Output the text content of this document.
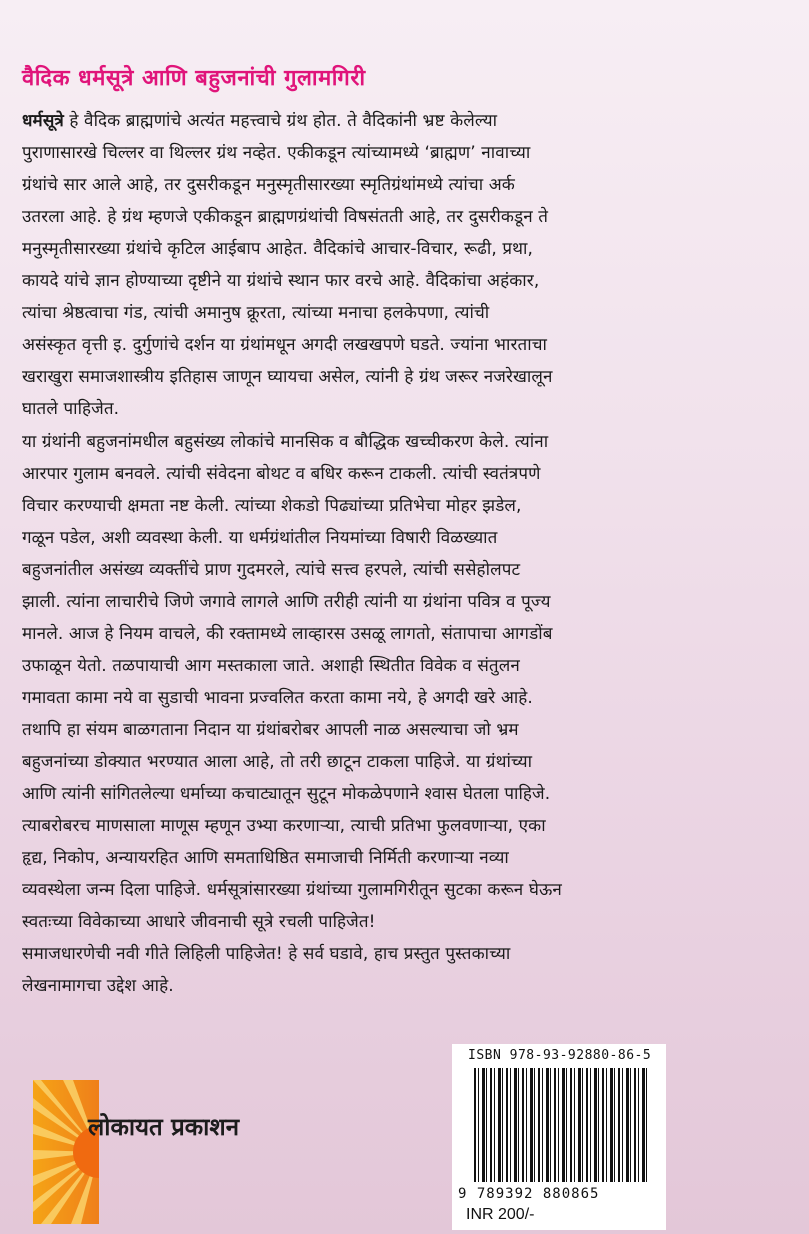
वैदिक धर्मसूत्रे आणि बहुजनांची गुलामगिरी
धर्मसूत्रे हे वैदिक ब्राह्मणांचे अत्यंत महत्त्वाचे ग्रंथ होत. ते वैदिकांनी भ्रष्ट केलेल्या
पुराणासारखे चिल्लर वा थिल्लर ग्रंथ नव्हेत. एकीकडून त्यांच्यामध्ये ‘ब्राह्मण’ नावाच्या
ग्रंथांचे सार आले आहे, तर दुसरीकडून मनुस्मृतीसारख्या स्मृतिग्रंथांमध्ये त्यांचा अर्क
उतरला आहे. हे ग्रंथ म्हणजे एकीकडून ब्राह्मणग्रंथांची विषसंतती आहे, तर दुसरीकडून ते
मनुस्मृतीसारख्या ग्रंथांचे कृटिल आईबाप आहेत. वैदिकांचे आचार-विचार, रूढी, प्रथा,
कायदे यांचे ज्ञान होण्याच्या दृष्टीने या ग्रंथांचे स्थान फार वरचे आहे. वैदिकांचा अहंकार,
त्यांचा श्रेष्ठत्वाचा गंड, त्यांची अमानुष क्रूरता, त्यांच्या मनाचा हलकेपणा, त्यांची
असंस्कृत वृत्ती इ. दुर्गुणांचे दर्शन या ग्रंथांमधून अगदी लखखपणे घडते. ज्यांना भारताचा
खराखुरा समाजशास्त्रीय इतिहास जाणून घ्यायचा असेल, त्यांनी हे ग्रंथ जरूर नजरेखालून
घातले पाहिजेत.
या ग्रंथांनी बहुजनांमधील बहुसंख्य लोकांचे मानसिक व बौद्धिक खच्चीकरण केले. त्यांना
आरपार गुलाम बनवले. त्यांची संवेदना बोथट व बधिर करून टाकली. त्यांची स्वतंत्रपणे
विचार करण्याची क्षमता नष्ट केली. त्यांच्या शेकडो पिढ्यांच्या प्रतिभेचा मोहर झडेल,
गळून पडेल, अशी व्यवस्था केली. या धर्मग्रंथांतील नियमांच्या विषारी विळख्यात
बहुजनांतील असंख्य व्यक्तींचे प्राण गुदमरले, त्यांचे सत्त्व हरपले, त्यांची ससेहोलपट
झाली. त्यांना लाचारीचे जिणे जगावे लागले आणि तरीही त्यांनी या ग्रंथांना पवित्र व पूज्य
मानले. आज हे नियम वाचले, की रक्तामध्ये लाव्हारस उसळू लागतो, संतापाचा आगडोंब
उफाळून येतो. तळपायाची आग मस्तकाला जाते. अशाही स्थितीत विवेक व संतुलन
गमावता कामा नये वा सुडाची भावना प्रज्वलित करता कामा नये, हे अगदी खरे आहे.
तथापि हा संयम बाळगताना निदान या ग्रंथांबरोबर आपली नाळ असल्याचा जो भ्रम
बहुजनांच्या डोक्यात भरण्यात आला आहे, तो तरी छाटून टाकला पाहिजे. या ग्रंथांच्या
आणि त्यांनी सांगितलेल्या धर्माच्या कचाट्यातून सुटून मोकळेपणाने श्वास घेतला पाहिजे.
त्याबरोबरच माणसाला माणूस म्हणून उभ्या करणाऱ्या, त्याची प्रतिभा फुलवणाऱ्या, एका
हृद्य, निकोप, अन्यायरहित आणि समताधिष्ठित समाजाची निर्मिती करणाऱ्या नव्या
व्यवस्थेला जन्म दिला पाहिजे. धर्मसूत्रांसारख्या ग्रंथांच्या गुलामगिरीतून सुटका करून घेऊन
स्वतःच्या विवेकाच्या आधारे जीवनाची सूत्रे रचली पाहिजेत!
समाजधारणेची नवी गीते लिहिली पाहिजेत! हे सर्व घडावे, हाच प्रस्तुत पुस्तकाच्या
लेखनामागचा उद्देश आहे.
लोकायत प्रकाशन
ISBN 978-93-92880-86-5
9 789392 880865
INR 200/-
